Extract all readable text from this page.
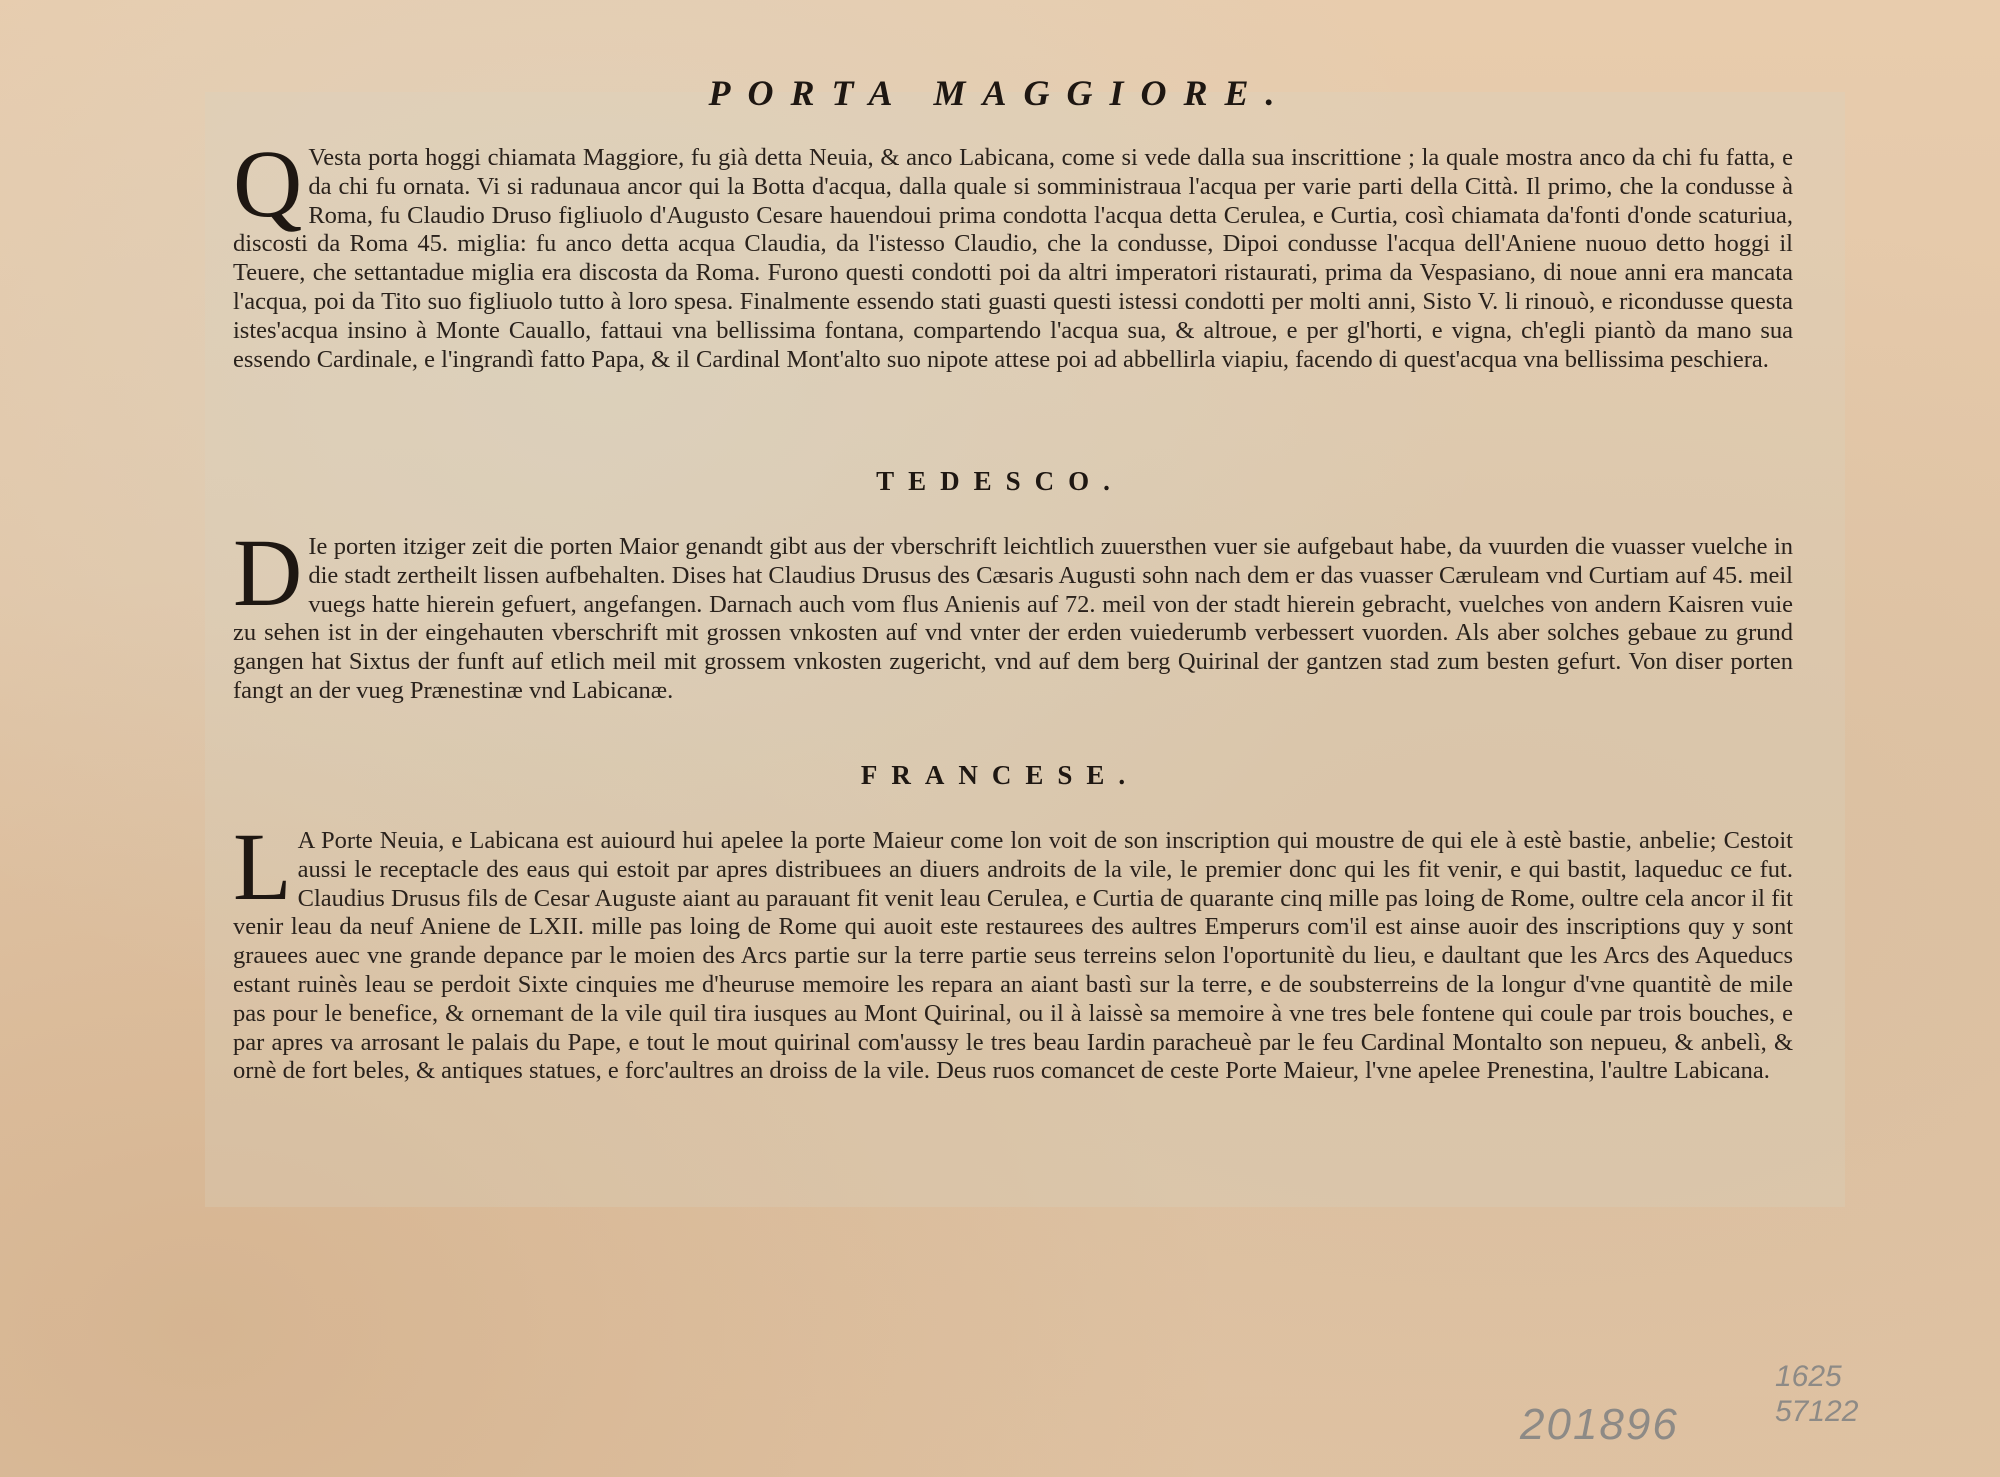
PORTA MAGGIORE.
Q Vesta porta hoggi chiamata Maggiore, fu già detta Neuia, & anco Labicana, come si vede dalla sua inscrittione ; la quale mostra anco da chi fu fatta, e da chi fu ornata. Vi si radunaua ancor qui la Botta d'acqua, dalla quale si somministraua l'acqua per varie parti della Città. Il primo, che la condusse à Roma, fu Claudio Druso figliuolo d'Augusto Cesare hauendoui prima condotta l'acqua detta Cerulea, e Curtia, così chiamata da'fonti d'onde scaturiua, discosti da Roma 45. miglia: fu anco detta acqua Claudia, da l'istesso Claudio, che la condusse, Dipoi condusse l'acqua dell'Aniene nuouo detto hoggi il Teuere, che settantadue miglia era discosta da Roma. Furono questi condotti poi da altri imperatori ristaurati, prima da Vespasiano, di noue anni era mancata l'acqua, poi da Tito suo figliuolo tutto à loro spesa. Finalmente essendo stati guasti questi istessi condotti per molti anni, Sisto V. li rinouò, e ricondusse questa istes'acqua insino à Monte Cauallo, fattaui vna bellissima fontana, compartendo l'acqua sua, & altroue, e per gl'horti, e vigna, ch'egli piantò da mano sua essendo Cardinale, e l'ingrandì fatto Papa, & il Cardinal Mont'alto suo nipote attese poi ad abbellirla viapiu, facendo di quest'acqua vna bellissima peschiera.
TEDESCO.
D Ie porten itziger zeit die porten Maior genandt gibt aus der vberschrift leichtlich zuuersthen vuer sie aufgebaut habe, da vuurden die vuasser vuelche in die stadt zertheilt lissen aufbehalten. Dises hat Claudius Drusus des Cæsaris Augusti sohn nach dem er das vuasser Cæruleam vnd Curtiam auf 45. meil vuegs hatte hierein gefuert, angefangen. Darnach auch vom flus Anienis auf 72. meil von der stadt hierein gebracht, vuelches von andern Kaisren vuie zu sehen ist in der eingehauten vberschrift mit grossen vnkosten auf vnd vnter der erden vuiederumb verbessert vuorden. Als aber solches gebaue zu grund gangen hat Sixtus der funft auf etlich meil mit grossem vnkosten zugericht, vnd auf dem berg Quirinal der gantzen stad zum besten gefurt. Von diser porten fangt an der vueg Prænestinæ vnd Labicanæ.
FRANCESE.
L A Porte Neuia, e Labicana est auiourd hui apelee la porte Maieur come lon voit de son inscription qui moustre de qui ele à estè bastie, anbelie; Cestoit aussi le receptacle des eaus qui estoit par apres distribuees an diuers androits de la vile, le premier donc qui les fit venir, e qui bastit, laqueduc ce fut. Claudius Drusus fils de Cesar Auguste aiant au parauant fit venit leau Cerulea, e Curtia de quarante cinq mille pas loing de Rome, oultre cela ancor il fit venir leau da neuf Aniene de LXII. mille pas loing de Rome qui auoit este restaurees des aultres Emperurs com'il est ainse auoir des inscriptions quy y sont grauees auec vne grande depance par le moien des Arcs partie sur la terre partie seus terreins selon l'oportunitè du lieu, e daultant que les Arcs des Aqueducs estant ruinès leau se perdoit Sixte cinquies me d'heuruse memoire les repara an aiant bastì sur la terre, e de soubsterreins de la longur d'vne quantitè de mile pas pour le benefice, & ornemant de la vile quil tira iusques au Mont Quirinal, ou il à laissè sa memoire à vne tres bele fontene qui coule par trois bouches, e par apres va arrosant le palais du Pape, e tout le mout quirinal com'aussy le tres beau Iardin paracheuè par le feu Cardinal Montalto son nepueu, & anbelì, & ornè de fort beles, & antiques statues, e forc'aultres an droiss de la vile. Deus ruos comancet de ceste Porte Maieur, l'vne apelee Prenestina, l'aultre Labicana.
1625
201896	57122
